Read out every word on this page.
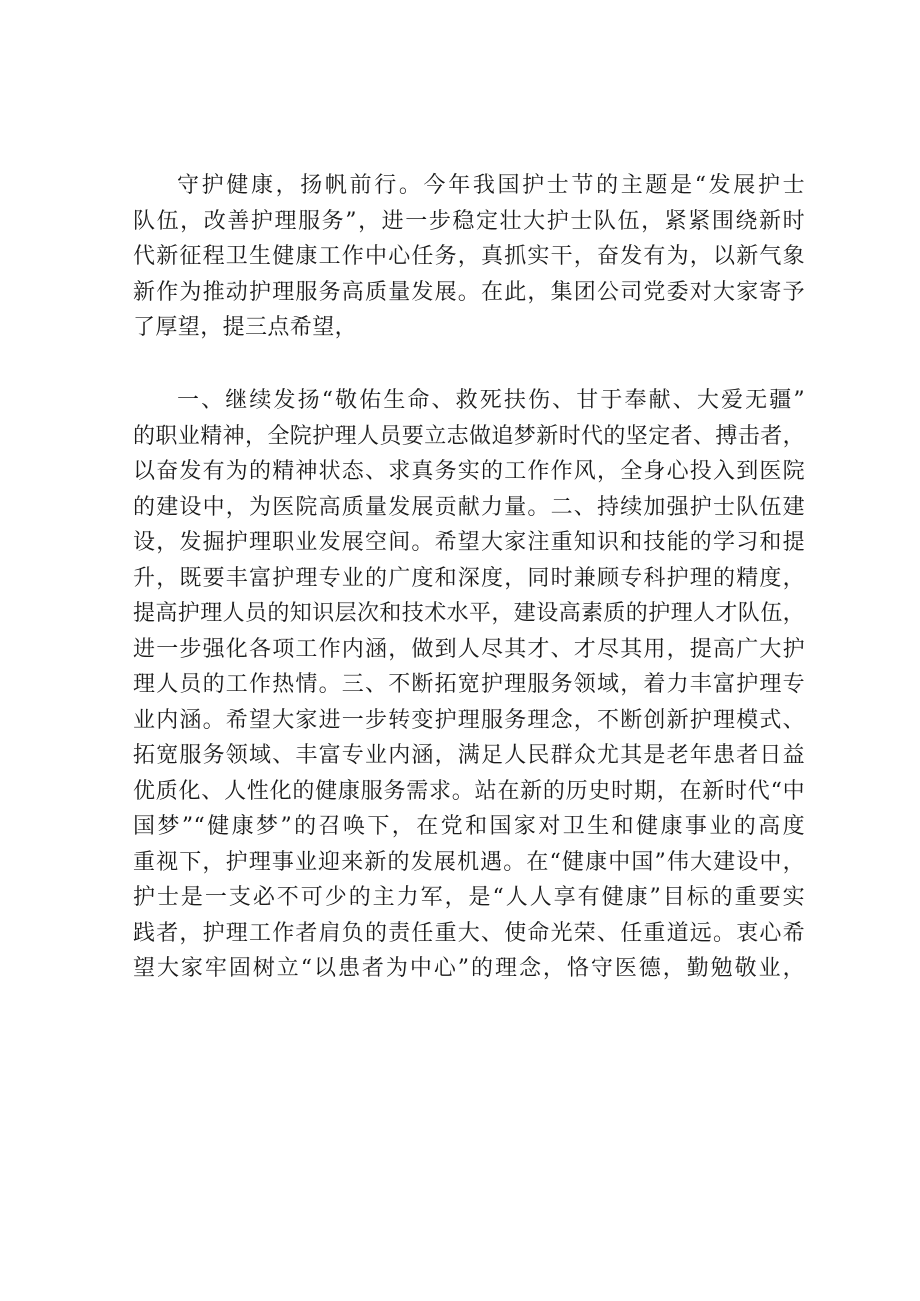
守护健康，扬帆前行。今年我国护士节的主题是“发展护士
队伍，改善护理服务”，进一步稳定壮大护士队伍，紧紧围绕新时
代新征程卫生健康工作中心任务，真抓实干，奋发有为，以新气象
新作为推动护理服务高质量发展。在此，集团公司党委对大家寄予
了厚望，提三点希望，
一、继续发扬“敬佑生命、救死扶伤、甘于奉献、大爱无疆”
的职业精神，全院护理人员要立志做追梦新时代的坚定者、搏击者，
以奋发有为的精神状态、求真务实的工作作风，全身心投入到医院
的建设中，为医院高质量发展贡献力量。二、持续加强护士队伍建
设，发掘护理职业发展空间。希望大家注重知识和技能的学习和提
升，既要丰富护理专业的广度和深度，同时兼顾专科护理的精度，
提高护理人员的知识层次和技术水平，建设高素质的护理人才队伍，
进一步强化各项工作内涵，做到人尽其才、才尽其用，提高广大护
理人员的工作热情。三、不断拓宽护理服务领域，着力丰富护理专
业内涵。希望大家进一步转变护理服务理念，不断创新护理模式、
拓宽服务领域、丰富专业内涵，满足人民群众尤其是老年患者日益
优质化、人性化的健康服务需求。站在新的历史时期，在新时代“中
国梦”“健康梦”的召唤下，在党和国家对卫生和健康事业的高度
重视下，护理事业迎来新的发展机遇。在“健康中国”伟大建设中，
护士是一支必不可少的主力军，是“人人享有健康”目标的重要实
践者，护理工作者肩负的责任重大、使命光荣、任重道远。衷心希
望大家牢固树立“以患者为中心”的理念，恪守医德，勤勉敬业，
